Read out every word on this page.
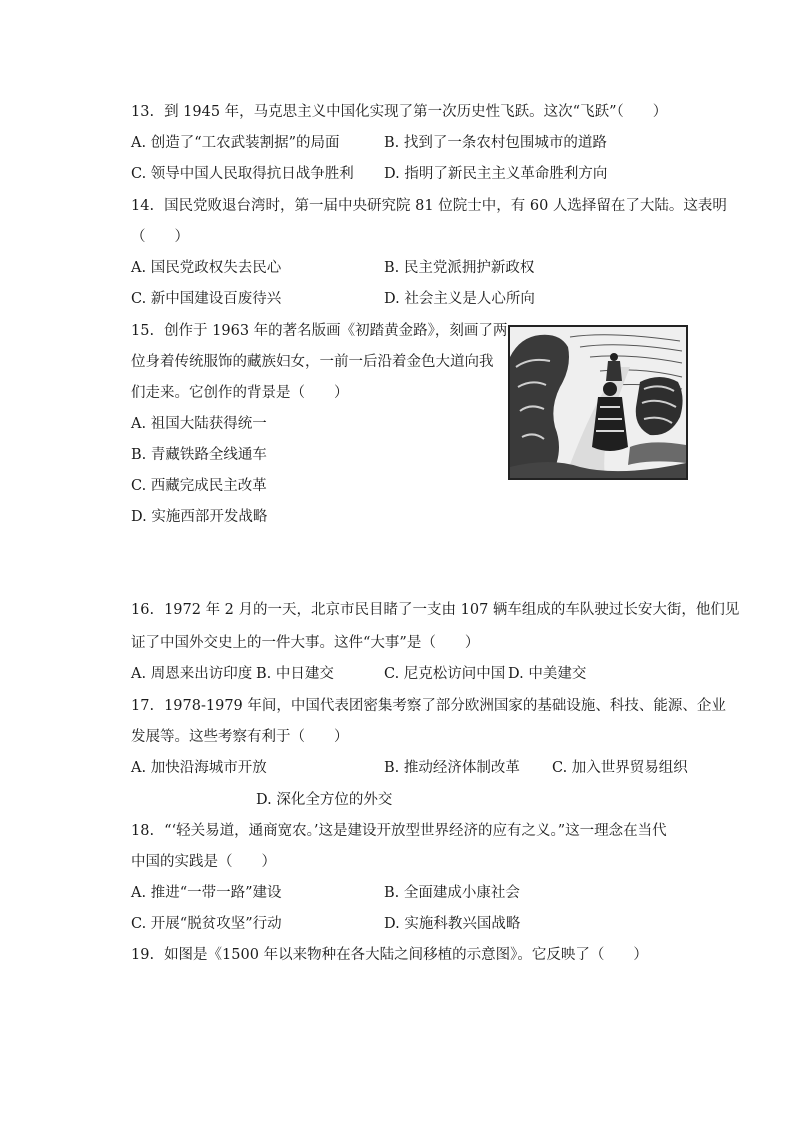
13. 到 1945 年，马克思主义中国化实现了第一次历史性飞跃。这次“飞跃”（　　）
A. 创造了“工农武装割据”的局面	B. 找到了一条农村包围城市的道路
C. 领导中国人民取得抗日战争胜利 D. 指明了新民主主义革命胜利方向
14. 国民党败退台湾时，第一届中央研究院 81 位院士中，有 60 人选择留在了大陆。这表明
（　　）
A. 国民党政权失去民心	B. 民主党派拥护新政权
C. 新中国建设百废待兴	D. 社会主义是人心所向
15. 创作于 1963 年的著名版画《初踏黄金路》，刻画了两
位身着传统服饰的藏族妇女，一前一后沿着金色大道向我
们走来。它创作的背景是（　　）
A. 祖国大陆获得统一
B. 青藏铁路全线通车
C. 西藏完成民主改革
D. 实施西部开发战略
16. 1972 年 2 月的一天，北京市民目睹了一支由 107 辆车组成的车队驶过长安大街，他们见
证了中国外交史上的一件大事。这件“大事”是（　　）
A. 周恩来出访印度 B. 中日建交	C. 尼克松访问中国 D. 中美建交
17. 1978-1979 年间，中国代表团密集考察了部分欧洲国家的基础设施、科技、能源、企业
发展等。这些考察有利于（　　）
A. 加快沿海城市开放	B. 推动经济体制改革 C. 加入世界贸易组织
D. 深化全方位的外交
18. “‘轻关易道，通商宽农。’这是建设开放型世界经济的应有之义。”这一理念在当代
中国的实践是（　　）
A. 推进“一带一路”建设	B. 全面建成小康社会
C. 开展“脱贫攻坚”行动	D. 实施科教兴国战略
19. 如图是《1500 年以来物种在各大陆之间移植的示意图》。它反映了（　　）
